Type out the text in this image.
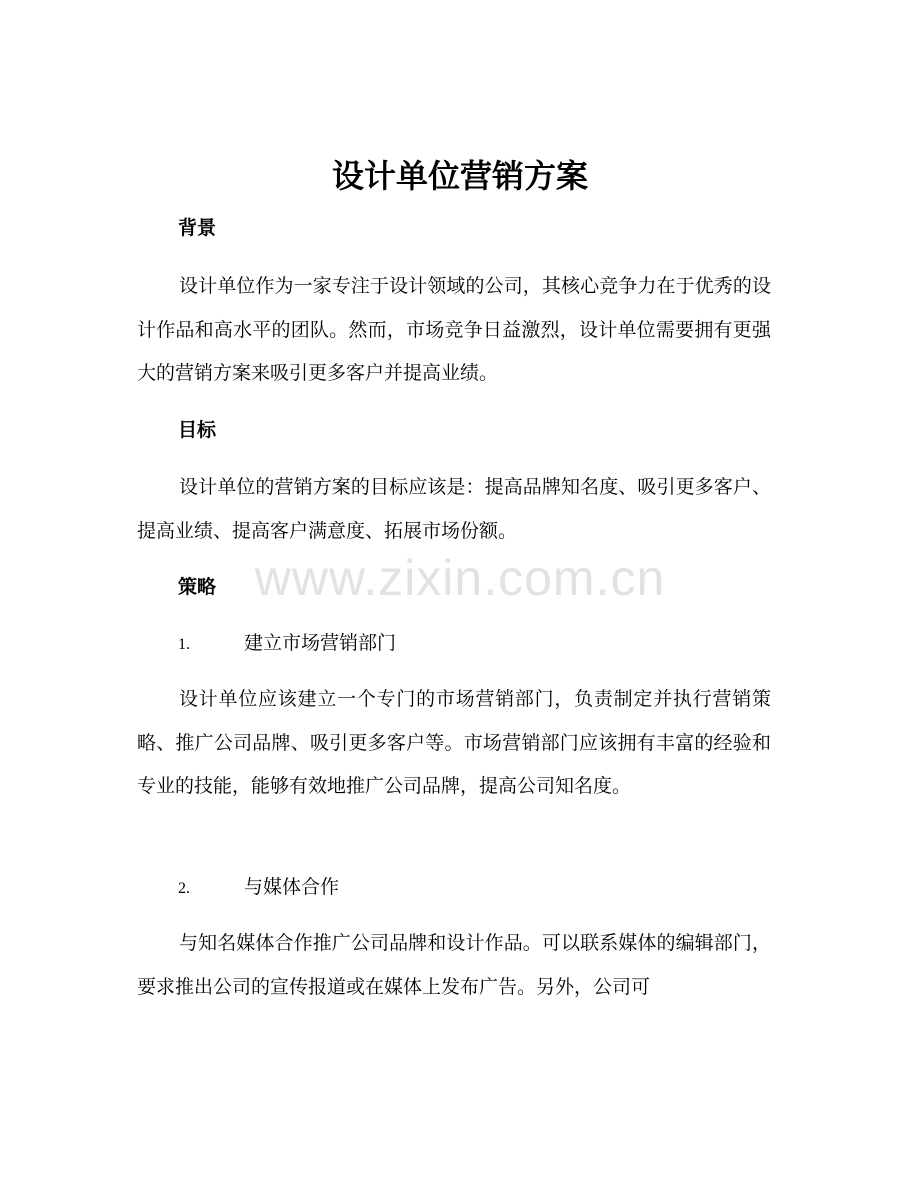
设计单位营销方案
背景

设计单位作为一家专注于设计领域的公司，其核心竞争力在于优秀的设计作品和高水平的团队。然而，市场竞争日益激烈，设计单位需要拥有更强大的营销方案来吸引更多客户并提高业绩。

目标

设计单位的营销方案的目标应该是：提高品牌知名度、吸引更多客户、提高业绩、提高客户满意度、拓展市场份额。

策略
1.	建立市场营销部门

设计单位应该建立一个专门的市场营销部门，负责制定并执行营销策略、推广公司品牌、吸引更多客户等。市场营销部门应该拥有丰富的经验和专业的技能，能够有效地推广公司品牌，提高公司知名度。

2.	与媒体合作

与知名媒体合作推广公司品牌和设计作品。可以联系媒体的编辑部门，要求推出公司的宣传报道或在媒体上发布广告。另外，公司可

www.zixin.com.cn
